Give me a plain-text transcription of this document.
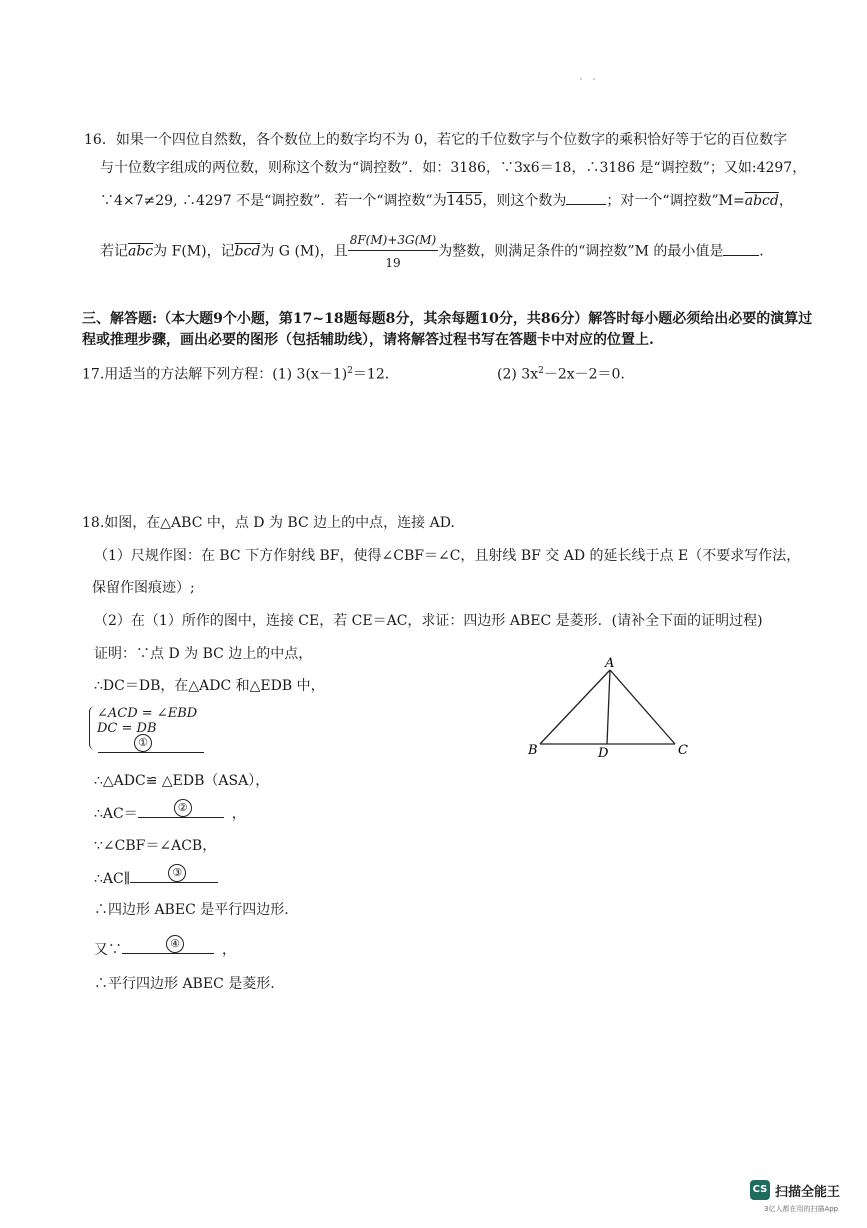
16．如果一个四位自然数，各个数位上的数字均不为 0，若它的千位数字与个位数字的乘积恰好等于它的百位数字
与十位数字组成的两位数，则称这个数为“调控数”．如：3186，∵3x6＝18，∴3186 是“调控数”；又如:4297，
∵4×7≠29, ∴4297 不是“调控数”．若一个“调控数”为1455，则这个数为	；对一个“调控数”M=abcd，
若记$\overline{abc}$为 F(M)，记$\overline{bcd}$为 G (M)，且 $\frac{8F(M)+3G(M)}{19}$ 为整数，则满足条件的“调控数”M 的最小值是	．
三、解答题:（本大题9个小题，第17~18题每题8分，其余每题10分，共86分）解答时每小题必须给出必要的演算过
程或推理步骤，画出必要的图形（包括辅助线），请将解答过程书写在答题卡中对应的位置上.
17.用适当的方法解下列方程：(1) $3(x-1)^2=12$．	(2) $3x^2-2x-2=0$．
18.如图，在△ABC 中，点 D 为 BC 边上的中点，连接 AD.
（1）尺规作图：在 BC 下方作射线 BF，使得∠CBF＝∠C，且射线 BF 交 AD 的延长线于点 E（不要求写作法，
保留作图痕迹）;
（2）在（1）所作的图中，连接 CE，若 CE＝AC，求证：四边形 ABEC 是菱形．(请补全下面的证明过程)
证明：∵点 D 为 BC 边上的中点，
∴DC＝DB，在△ADC 和△EDB 中，
∠ACD = ∠EBD
DC = DB
①
∴△ADC≌ △EDB（ASA），
∴AC＝	②	，
∵∠CBF＝∠ACB，
∴AC∥	③
∴四边形 ABEC 是平行四边形.
又∵	④	，
∴平行四边形 ABEC 是菱形.
A
B	C
D
CS 扫描全能王
3亿人都在用的扫描App
